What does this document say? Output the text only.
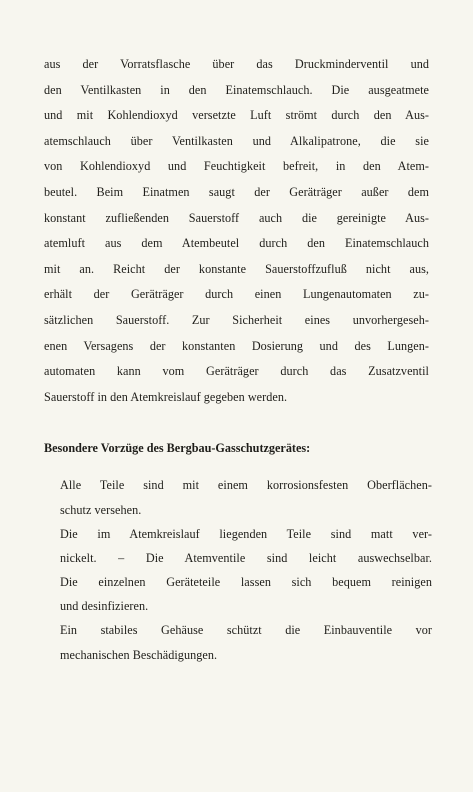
aus der Vorratsflasche über das Druckminderventil und
den Ventilkasten in den Einatemschlauch. Die ausgeatmete
und mit Kohlendioxyd versetzte Luft strömt durch den Aus-
atemschlauch über Ventilkasten und Alkalipatrone, die sie
von Kohlendioxyd und Feuchtigkeit befreit, in den Atem-
beutel. Beim Einatmen saugt der Geräträger außer dem
konstant zufließenden Sauerstoff auch die gereinigte Aus-
atemluft aus dem Atembeutel durch den Einatemschlauch
mit an. Reicht der konstante Sauerstoffzufluß nicht aus,
erhält der Geräträger durch einen Lungenautomaten zu-
sätzlichen Sauerstoff. Zur Sicherheit eines unvorhergeseh-
enen Versagens der konstanten Dosierung und des Lungen-
automaten kann vom Geräträger durch das Zusatzventil
Sauerstoff in den Atemkreislauf gegeben werden.
Besondere Vorzüge des Bergbau-Gasschutzgerätes:
Alle Teile sind mit einem korrosionsfesten Oberflächen-
schutz versehen.
Die im Atemkreislauf liegenden Teile sind matt ver-
nickelt. – Die Atemventile sind leicht auswechselbar.
Die einzelnen Geräteteile lassen sich bequem reinigen
und desinfizieren.
Ein stabiles Gehäuse schützt die Einbauventile vor
mechanischen Beschädigungen.
